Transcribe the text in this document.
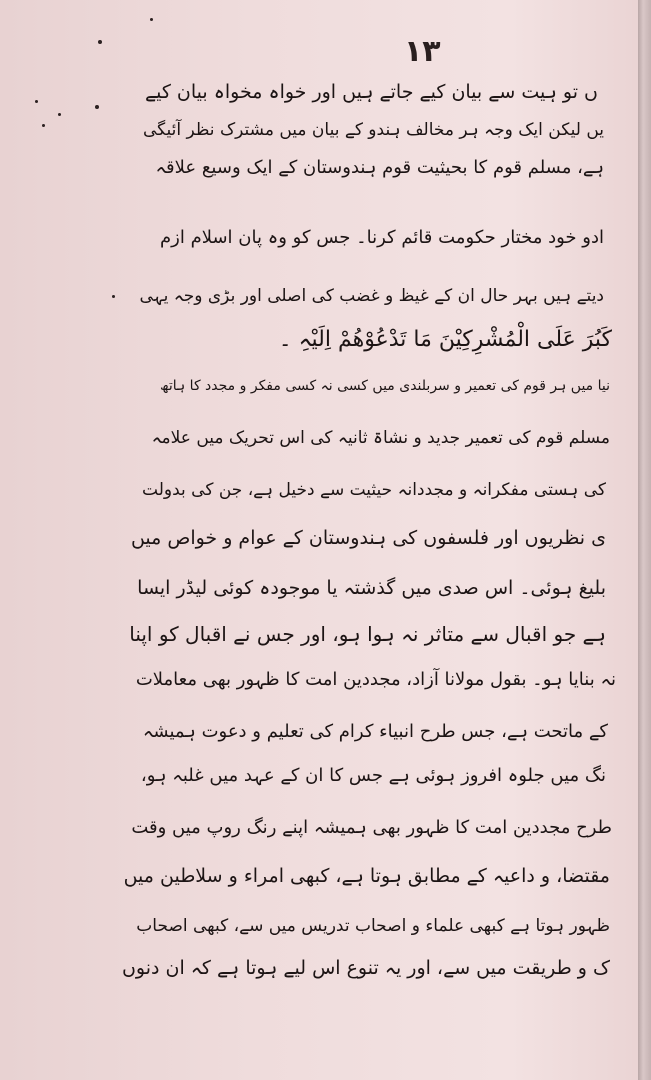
۱۳
ں تو ہیت سے بیان کیے جاتے ہیں اور خواہ مخواہ بیان کیے
یں لیکن ایک وجہ ہر مخالف ہندو کے بیان میں مشترک نظر آئیگی
ہے، مسلم قوم کا بحیثیت قوم ہندوستان کے ایک وسیع علاقہ
ادو خود مختار حکومت قائم کرنا۔ جس کو وہ پان اسلام ازم
دیتے ہیں بہر حال ان کے غیظ و غضب کی اصلی اور بڑی وجہ یہی
کَبُرَ عَلَی الْمُشْرِکِیْنَ مَا تَدْعُوْهُمْ اِلَیْہِ ۔
نیا میں ہر قوم کی تعمیر و سربلندی میں کسی نہ کسی مفکر و مجدد کا ہاتھ
مسلم قوم کی تعمیر جدید و نشاۃ ثانیہ کی اس تحریک میں علامہ
کی ہستی مفکرانہ و مجددانہ حیثیت سے دخیل ہے، جن کی بدولت
ی نظریوں اور فلسفوں کی ہندوستان کے عوام و خواص میں
بلیغ ہوئی۔ اس صدی میں گذشتہ یا موجودہ کوئی لیڈر ایسا
ہے جو اقبال سے متاثر نہ ہوا ہو، اور جس نے اقبال کو اپنا
نہ بنایا ہو۔ بقول مولانا آزاد، مجددین امت کا ظہور بھی معاملات
کے ماتحت ہے، جس طرح انبیاء کرام کی تعلیم و دعوت ہمیشہ
نگ میں جلوہ افروز ہوئی ہے جس کا ان کے عہد میں غلبہ ہو،
طرح مجددین امت کا ظہور بھی ہمیشہ اپنے رنگ روپ میں وقت
مقتضا، و داعیہ کے مطابق ہوتا ہے، کبھی امراء و سلاطین میں
ظہور ہوتا ہے کبھی علماء و اصحاب تدریس میں سے، کبھی اصحاب
ک و طریقت میں سے، اور یہ تنوع اس لیے ہوتا ہے کہ ان دنوں
